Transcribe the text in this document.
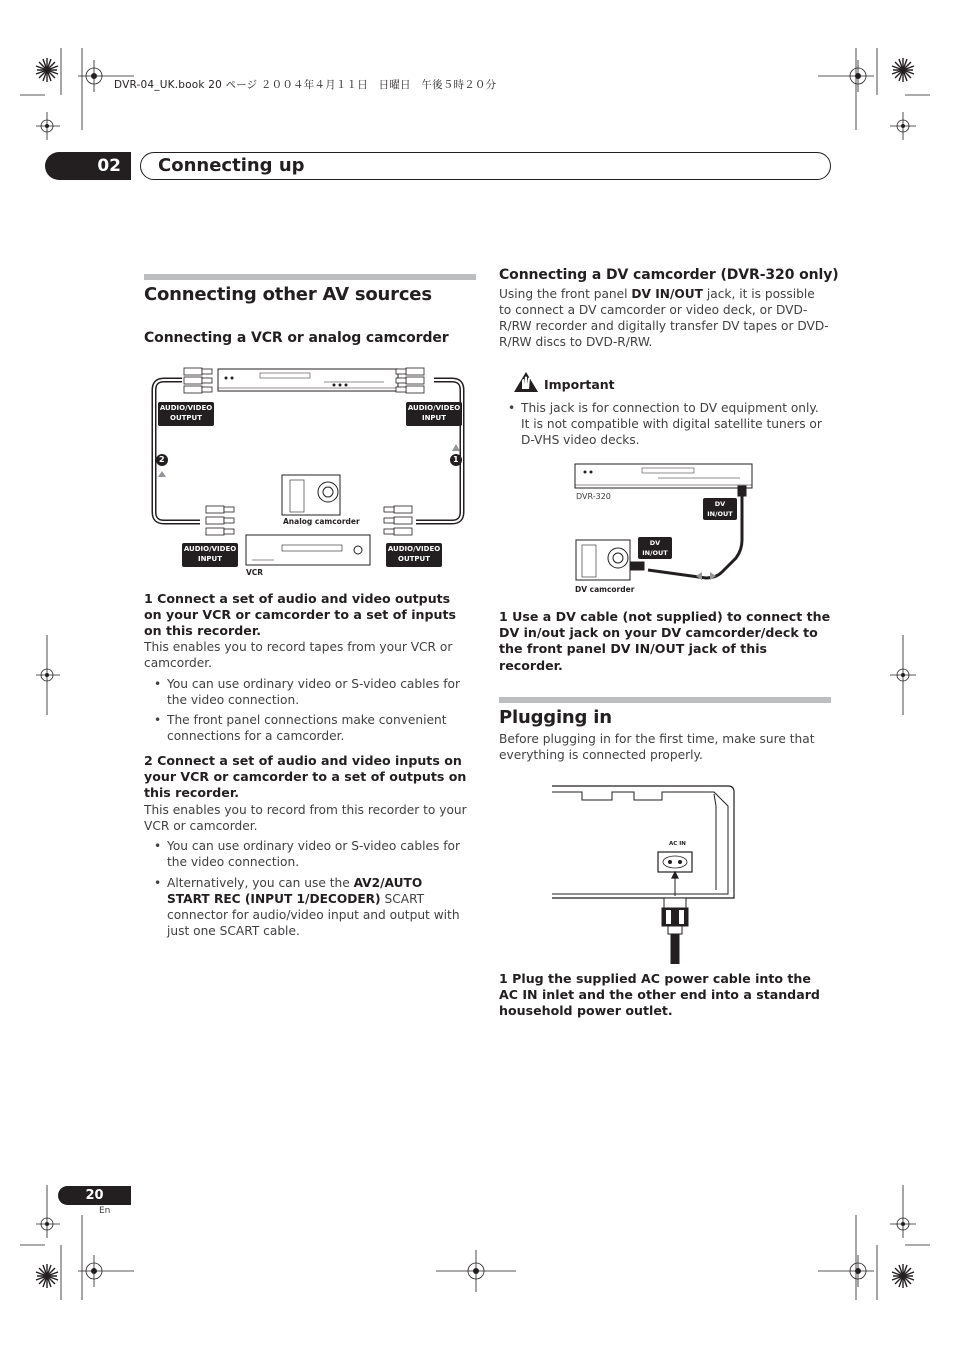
DVR-04_UK.book 20 ページ ２００４年４月１１日　日曜日　午後５時２０分
02	Connecting up
Connecting other AV sources
Connecting a VCR or analog camcorder
2	1
AUDIO/VIDEO
OUTPUT
AUDIO/VIDEO
INPUT
AUDIO/VIDEO
INPUT
AUDIO/VIDEO
OUTPUT
Analog camcorder
VCR

1 Connect a set of audio and video outputs on your VCR or camcorder to a set of inputs on this recorder.

This enables you to record tapes from your VCR or camcorder.

• You can use ordinary video or S-video cables for the video connection.
• The front panel connections make convenient connections for a camcorder.

2 Connect a set of audio and video inputs on your VCR or camcorder to a set of outputs on this recorder.

This enables you to record from this recorder to your VCR or camcorder.

• You can use ordinary video or S-video cables for the video connection.
• Alternatively, you can use the AV2/AUTO START REC (INPUT 1/DECODER) SCART connector for audio/video input and output with just one SCART cable.
Connecting a DV camcorder (DVR-320 only)

Using the front panel DV IN/OUT jack, it is possible to connect a DV camcorder or video deck, or DVD-R/RW recorder and digitally transfer DV tapes or DVD-R/RW discs to DVD-R/RW.

Important
• This jack is for connection to DV equipment only. It is not compatible with digital satellite tuners or D-VHS video decks.
DVR-320
DV
IN/OUT
DV
IN/OUT
DV camcorder

1 Use a DV cable (not supplied) to connect the DV in/out jack on your DV camcorder/deck to the front panel DV IN/OUT jack of this recorder.

Plugging in

Before plugging in for the first time, make sure that everything is connected properly.

AC IN

1 Plug the supplied AC power cable into the AC IN inlet and the other end into a standard household power outlet.

20
En
